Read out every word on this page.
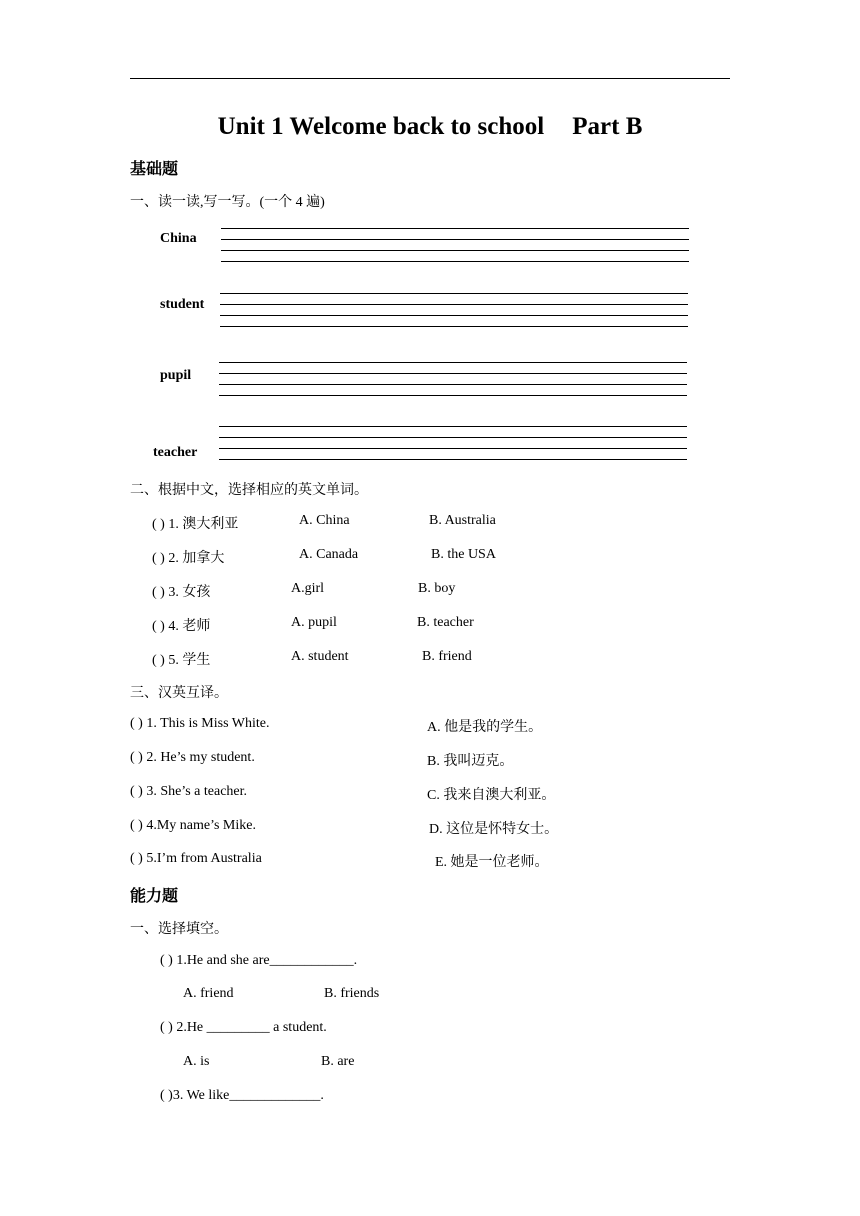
Unit 1 Welcome back to school Part B
基础题
一、读一读,写一写。(一个 4 遍)
China
student
pupil
teacher
二、根据中文，选择相应的英文单词。
( ) 1. 澳大利亚	A. China	B. Australia
( ) 2. 加拿大	A. Canada	B. the USA
( ) 3. 女孩	A.girl	B. boy
( ) 4. 老师	A. pupil	B. teacher
( ) 5. 学生	A. student	B. friend
三、汉英互译。
( ) 1. This is Miss White.	A. 他是我的学生。
( ) 2. He’s my student.	B. 我叫迈克。
( ) 3. She’s a teacher.	C. 我来自澳大利亚。
( ) 4.My name’s Mike.	D. 这位是怀特女士。
( ) 5.I’m from Australia	E. 她是一位老师。
能力题
一、选择填空。
( ) 1.He and she are____________.
A. friend	B. friends
( ) 2.He _________ a student.
A. is	B. are
( )3. We like_____________.
